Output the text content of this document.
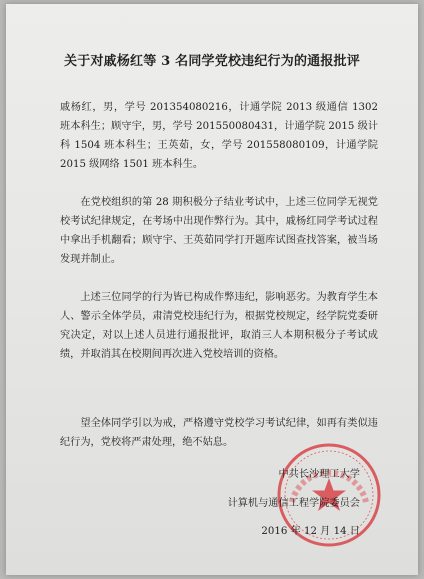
关于对戚杨红等 3 名同学党校违纪行为的通报批评
戚杨红，男，学号 201354080216，计通学院 2013 级通信 1302 班本科生；顾守宇，男，学号 201550080431，计通学院 2015 级计科 1504 班本科生；王英茹，女，学号 201558080109，计通学院 2015 级网络 1501 班本科生。
在党校组织的第 28 期积极分子结业考试中，上述三位同学无视党校考试纪律规定，在考场中出现作弊行为。其中，戚杨红同学考试过程中拿出手机翻看；顾守宇、王英茹同学打开题库试图查找答案，被当场发现并制止。
上述三位同学的行为皆已构成作弊违纪，影响恶劣。为教育学生本人、警示全体学员，肃清党校违纪行为，根据党校规定，经学院党委研究决定，对以上述人员进行通报批评，取消三人本期积极分子考试成绩，并取消其在校期间再次进入党校培训的资格。
望全体同学引以为戒，严格遵守党校学习考试纪律，如再有类似违纪行为，党校将严肃处理，绝不姑息。
中共长沙理工大学
计算机与通信工程学院委员会
2016 年 12 月 14 日
